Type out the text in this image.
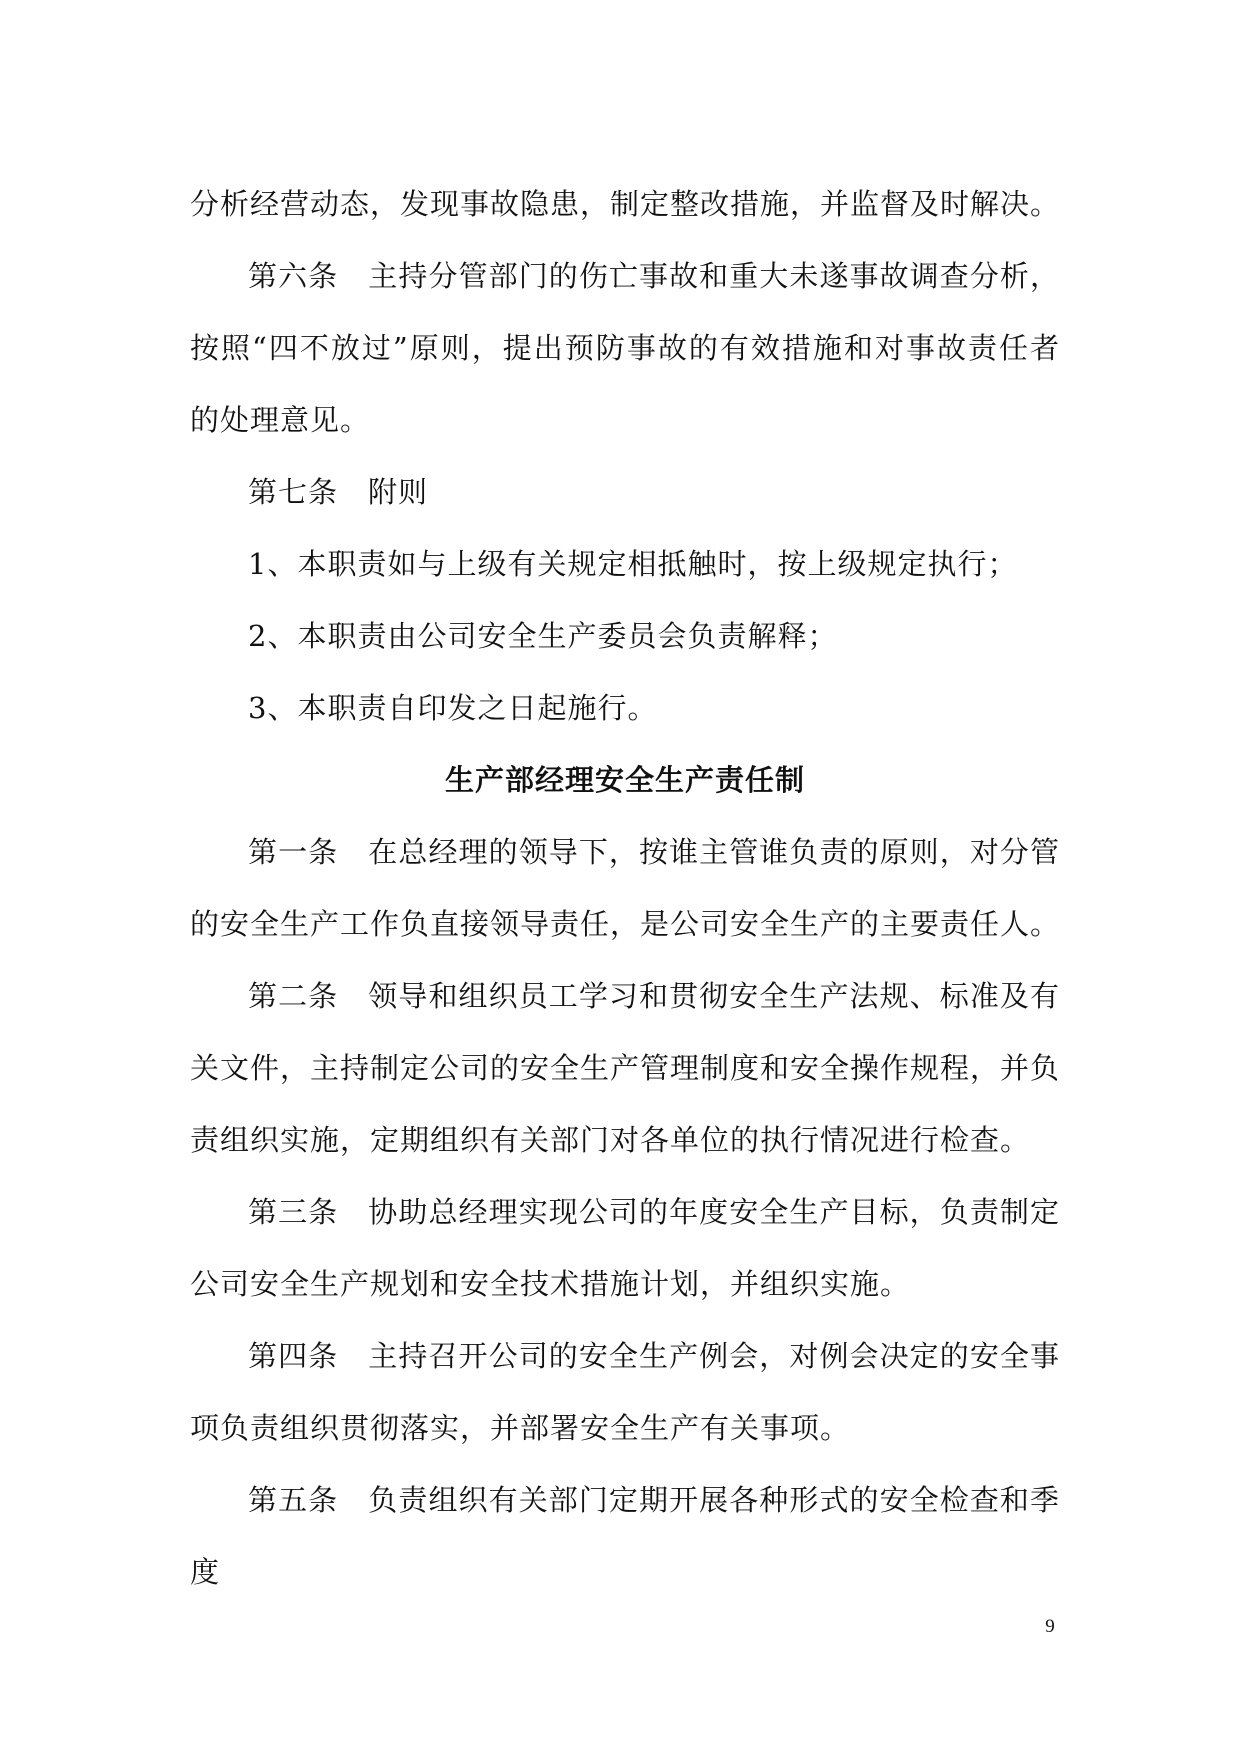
分析经营动态，发现事故隐患，制定整改措施，并监督及时解决。

第六条 主持分管部门的伤亡事故和重大未遂事故调查分析，按照“四不放过”原则，提出预防事故的有效措施和对事故责任者的处理意见。

第七条 附则

1、本职责如与上级有关规定相抵触时，按上级规定执行；

2、本职责由公司安全生产委员会负责解释；

3、本职责自印发之日起施行。

生产部经理安全生产责任制

第一条 在总经理的领导下，按谁主管谁负责的原则，对分管的安全生产工作负直接领导责任，是公司安全生产的主要责任人。

第二条 领导和组织员工学习和贯彻安全生产法规、标准及有关文件，主持制定公司的安全生产管理制度和安全操作规程，并负责组织实施，定期组织有关部门对各单位的执行情况进行检查。

第三条 协助总经理实现公司的年度安全生产目标，负责制定公司安全生产规划和安全技术措施计划，并组织实施。

第四条 主持召开公司的安全生产例会，对例会决定的安全事项负责组织贯彻落实，并部署安全生产有关事项。

第五条 负责组织有关部门定期开展各种形式的安全检查和季度

9
